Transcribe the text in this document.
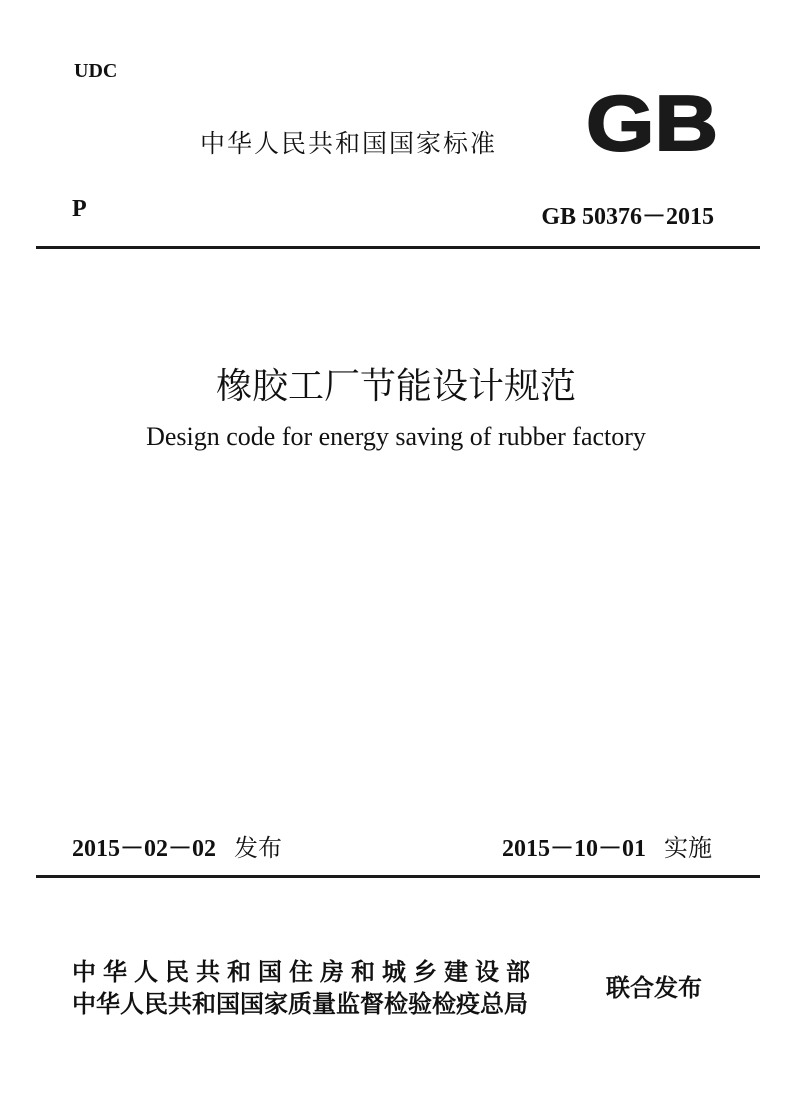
UDC
中华人民共和国国家标准 GB
P	GB 50376－2015
橡胶工厂节能设计规范
Design code for energy saving of rubber factory
2015－02－02 发布	2015－10－01 实施
中华人民共和国住房和城乡建设部
中华人民共和国国家质量监督检验检疫总局
联合发布
